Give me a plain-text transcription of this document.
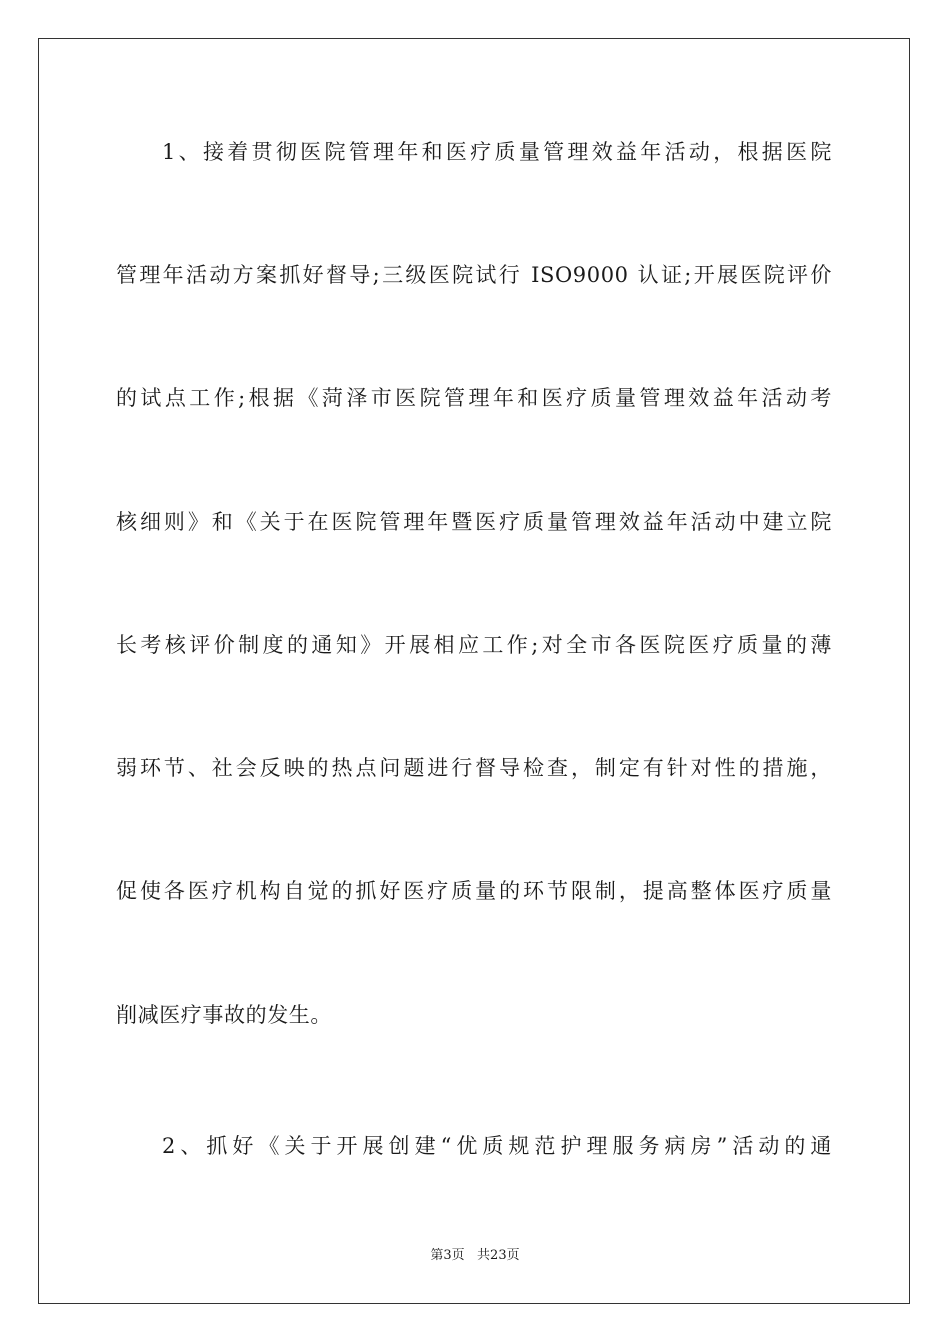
1、接着贯彻医院管理年和医疗质量管理效益年活动，根据医院
管理年活动方案抓好督导;三级医院试行 ISO9000 认证;开展医院评价
的试点工作;根据《菏泽市医院管理年和医疗质量管理效益年活动考
核细则》和《关于在医院管理年暨医疗质量管理效益年活动中建立院
长考核评价制度的通知》开展相应工作;对全市各医院医疗质量的薄
弱环节、社会反映的热点问题进行督导检查，制定有针对性的措施，
促使各医疗机构自觉的抓好医疗质量的环节限制，提高整体医疗质量
削减医疗事故的发生。
2、抓好《关于开展创建“优质规范护理服务病房”活动的通
第3页   共23页
